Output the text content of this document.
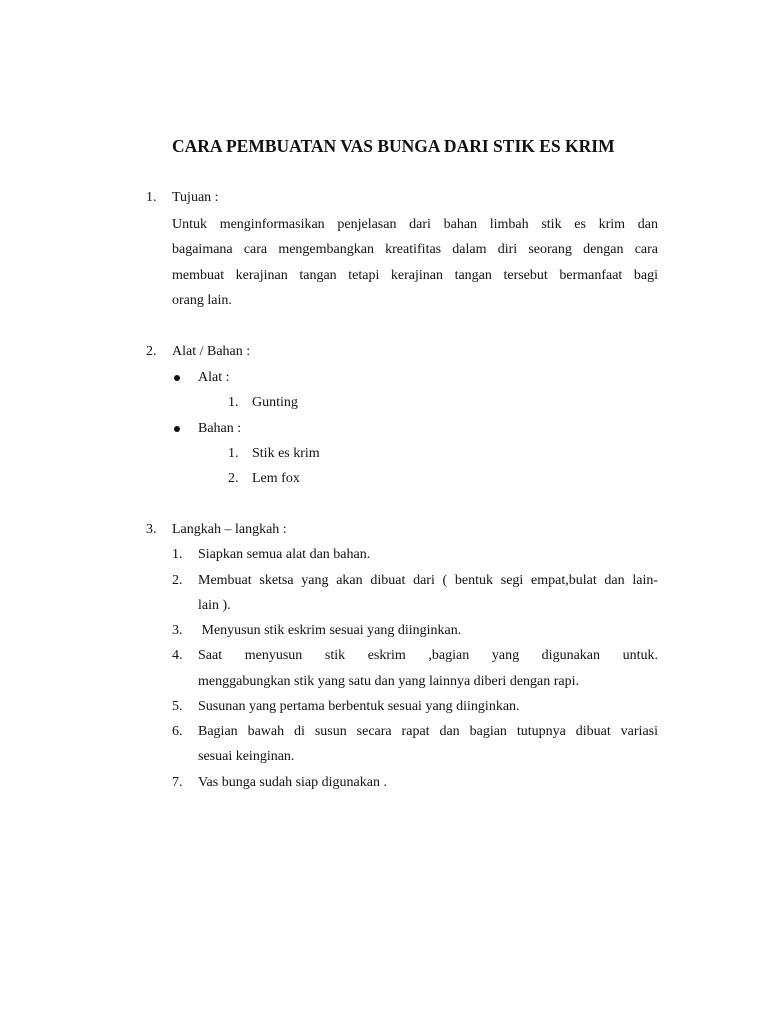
CARA PEMBUATAN VAS BUNGA DARI STIK ES KRIM
1. Tujuan :
Untuk menginformasikan penjelasan dari bahan limbah stik es krim dan
bagaimana cara mengembangkan kreatifitas dalam diri seorang dengan cara
membuat kerajinan tangan tetapi kerajinan tangan tersebut bermanfaat bagi
orang lain.
2. Alat / Bahan :
Alat :
1. Gunting
Bahan :
1. Stik es krim
2. Lem fox
3. Langkah – langkah :
1. Siapkan semua alat dan bahan.
2. Membuat sketsa yang akan dibuat dari ( bentuk segi empat,bulat dan lain-
lain ).
3. Menyusun stik eskrim sesuai yang diinginkan.
4. Saat menyusun stik eskrim ,bagian yang digunakan untuk.
menggabungkan stik yang satu dan yang lainnya diberi dengan rapi.
5. Susunan yang pertama berbentuk sesuai yang diinginkan.
6. Bagian bawah di susun secara rapat dan bagian tutupnya dibuat variasi
sesuai keinginan.
7. Vas bunga sudah siap digunakan .
